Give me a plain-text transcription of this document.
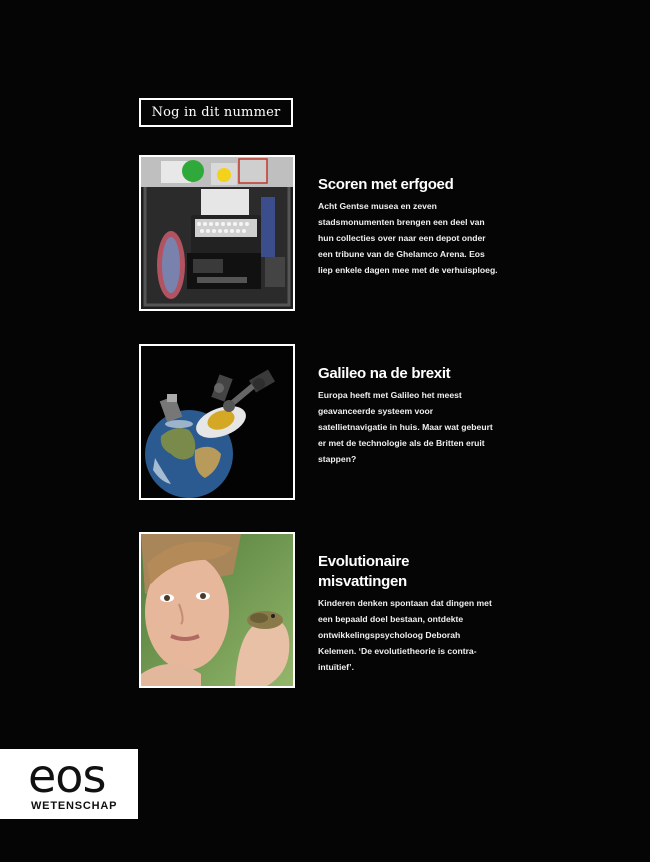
Nog in dit nummer
Scoren met erfgoed

Acht Gentse musea en zeven stadsmonumenten brengen een deel van hun collecties over naar een depot onder een tribune van de Ghelamco Arena. Eos liep enkele dagen mee met de verhuisploeg.

Galileo na de brexit

Europa heeft met Galileo het meest geavanceerde systeem voor satellietnavigatie in huis. Maar wat gebeurt er met de technologie als de Britten eruit stappen?

Evolutionaire misvattingen

Kinderen denken spontaan dat dingen met een bepaald doel bestaan, ontdekte ontwikkelingspsycholoog Deborah Kelemen. ‘De evolutietheorie is contra-intuïtief’.

eos
WETENSCHAP
